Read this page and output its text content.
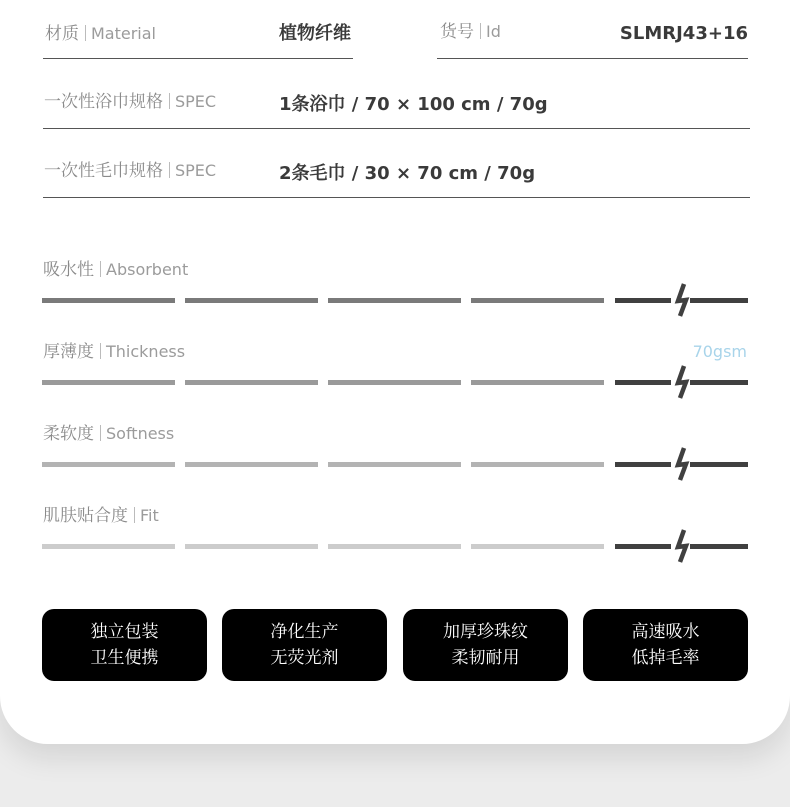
材质 Material	植物纤维	货号 Id	SLMRJ43+16
一次性浴巾规格 SPEC	1条浴巾 / 70 × 100 cm / 70g
一次性毛巾规格 SPEC	2条毛巾 / 30 × 70 cm / 70g
吸水性 Absorbent
厚薄度 Thickness	70gsm
柔软度 Softness
肌肤贴合度 Fit
独立包装
卫生便携
净化生产
无荧光剂
加厚珍珠纹
柔韧耐用
高速吸水
低掉毛率
